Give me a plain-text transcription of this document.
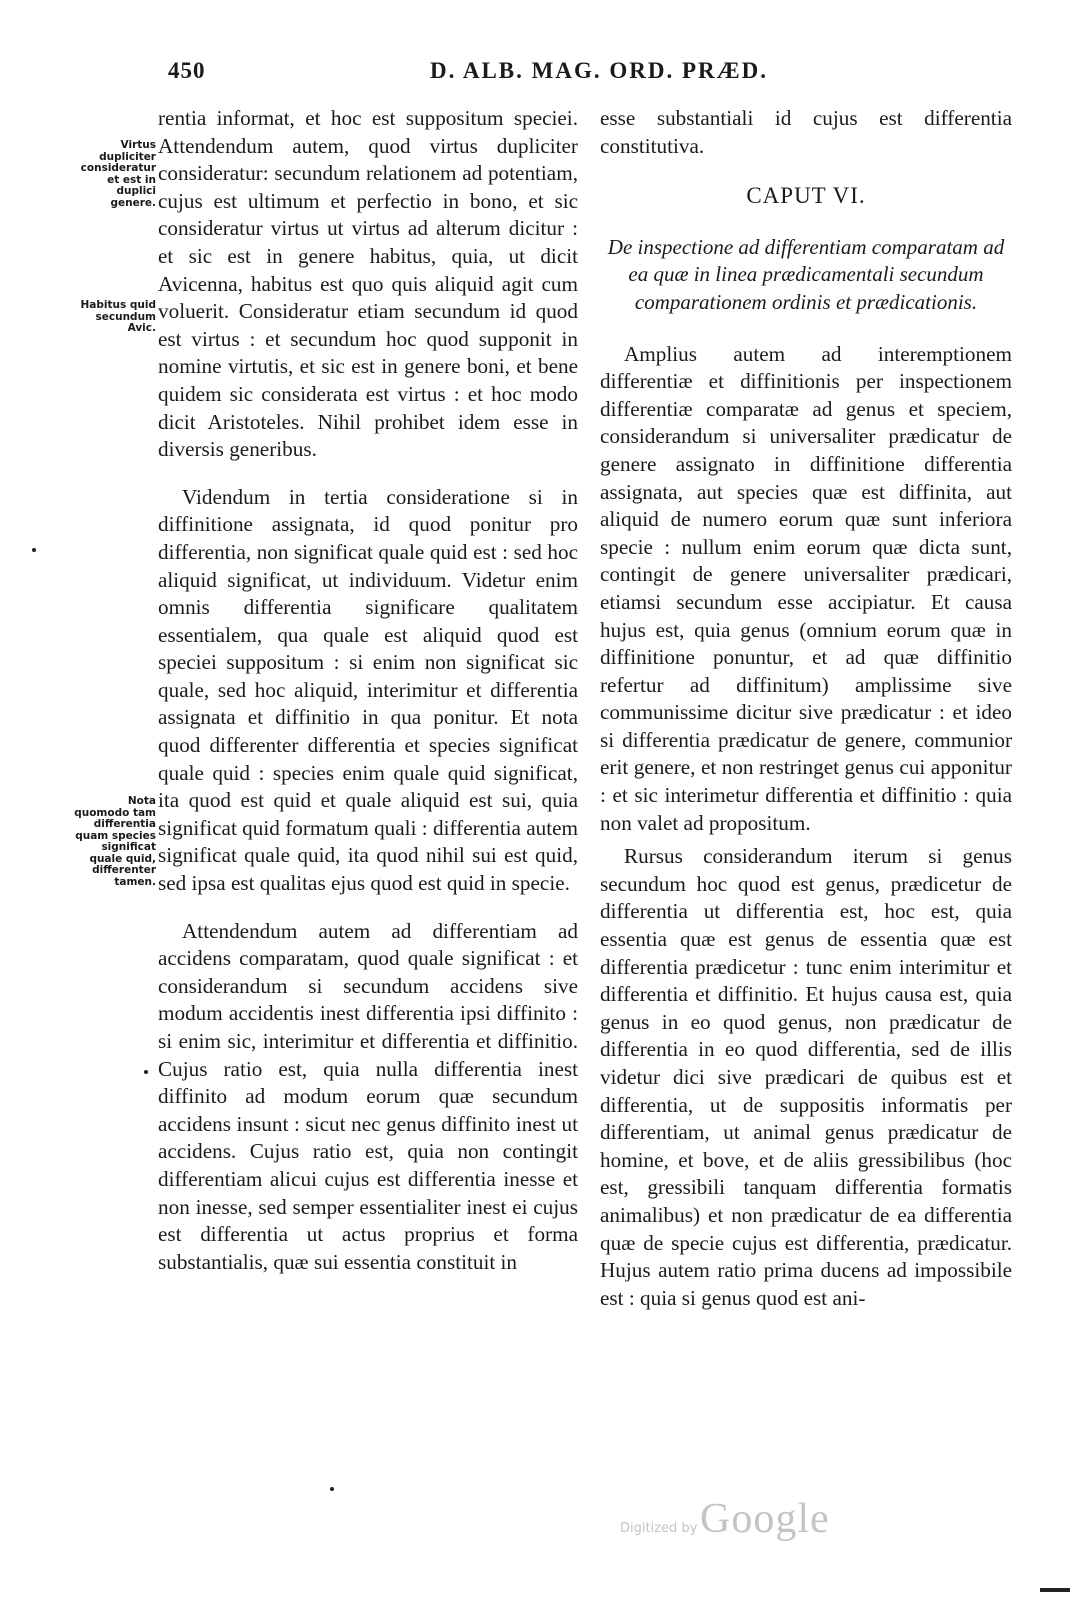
450	D. ALB. MAG. ORD. PRÆD.
Virtus dupliciter consideratur et est in duplici genere.
Habitus quid secundum Avic.
Nota quomodo tam differentia quam species significat quale quid, differenter tamen.

rentia informat, et hoc est suppositum speciei. Attendendum autem, quod virtus dupliciter consideratur: secundum relationem ad potentiam, cujus est ultimum et perfectio in bono, et sic consideratur virtus ut virtus ad alterum dicitur : et sic est in genere habitus, quia, ut dicit Avicenna, habitus est quo quis aliquid agit cum voluerit. Consideratur etiam secundum id quod est virtus : et secundum hoc quod supponit in nomine virtutis, et sic est in genere boni, et bene quidem sic considerata est virtus : et hoc modo dicit Aristoteles. Nihil prohibet idem esse in diversis generibus.

Videndum in tertia consideratione si in diffinitione assignata, id quod ponitur pro differentia, non significat quale quid est : sed hoc aliquid significat, ut individuum. Videtur enim omnis differentia significare qualitatem essentialem, qua quale est aliquid quod est speciei suppositum : si enim non significat sic quale, sed hoc aliquid, interimitur et differentia assignata et diffinitio in qua ponitur. Et nota quod differenter differentia et species significat quale quid : species enim quale quid significat, ita quod est quid et quale aliquid est sui, quia significat quid formatum quali : differentia autem significat quale quid, ita quod nihil sui est quid, sed ipsa est qualitas ejus quod est quid in specie.

Attendendum autem ad differentiam ad accidens comparatam, quod quale significat : et considerandum si secundum accidens sive modum accidentis inest differentia ipsi diffinito : si enim sic, interimitur et differentia et diffinitio. Cujus ratio est, quia nulla differentia inest diffinito ad modum eorum quæ secundum accidens insunt : sicut nec genus diffinito inest ut accidens. Cujus ratio est, quia non contingit differentiam alicui cujus est differentia inesse et non inesse, sed semper essentialiter inest ei cujus est differentia ut actus proprius et forma substantialis, quæ sui essentia constituit in

esse substantiali id cujus est differentia constitutiva.

CAPUT VI.
De inspectione ad differentiam comparatam ad ea quæ in linea prædicamentali secundum comparationem ordinis et prædicationis.

Amplius autem ad interemptionem differentiæ et diffinitionis per inspectionem differentiæ comparatæ ad genus et speciem, considerandum si universaliter prædicatur de genere assignato in diffinitione differentia assignata, aut species quæ est diffinita, aut aliquid de numero eorum quæ sunt inferiora specie : nullum enim eorum quæ dicta sunt, contingit de genere universaliter prædicari, etiamsi secundum esse accipiatur. Et causa hujus est, quia genus (omnium eorum quæ in diffinitione ponuntur, et ad quæ diffinitio refertur ad diffinitum) amplissime sive communissime dicitur sive prædicatur : et ideo si differentia prædicatur de genere, communior erit genere, et non restringet genus cui apponitur : et sic interimetur differentia et diffinitio : quia non valet ad propositum.

Rursus considerandum iterum si genus secundum hoc quod est genus, prædicetur de differentia ut differentia est, hoc est, quia essentia quæ est genus de essentia quæ est differentia prædicetur : tunc enim interimitur et differentia et diffinitio. Et hujus causa est, quia genus in eo quod genus, non prædicatur de differentia in eo quod differentia, sed de illis videtur dici sive prædicari de quibus est et differentia, ut de suppositis informatis per differentiam, ut animal genus prædicatur de homine, et bove, et de aliis gressibilibus (hoc est, gressibili tanquam differentia formatis animalibus) et non prædicatur de ea differentia quæ de specie cujus est differentia, prædicatur. Hujus autem ratio prima ducens ad impossibile est : quia si genus quod est ani-

Digitized by Google
